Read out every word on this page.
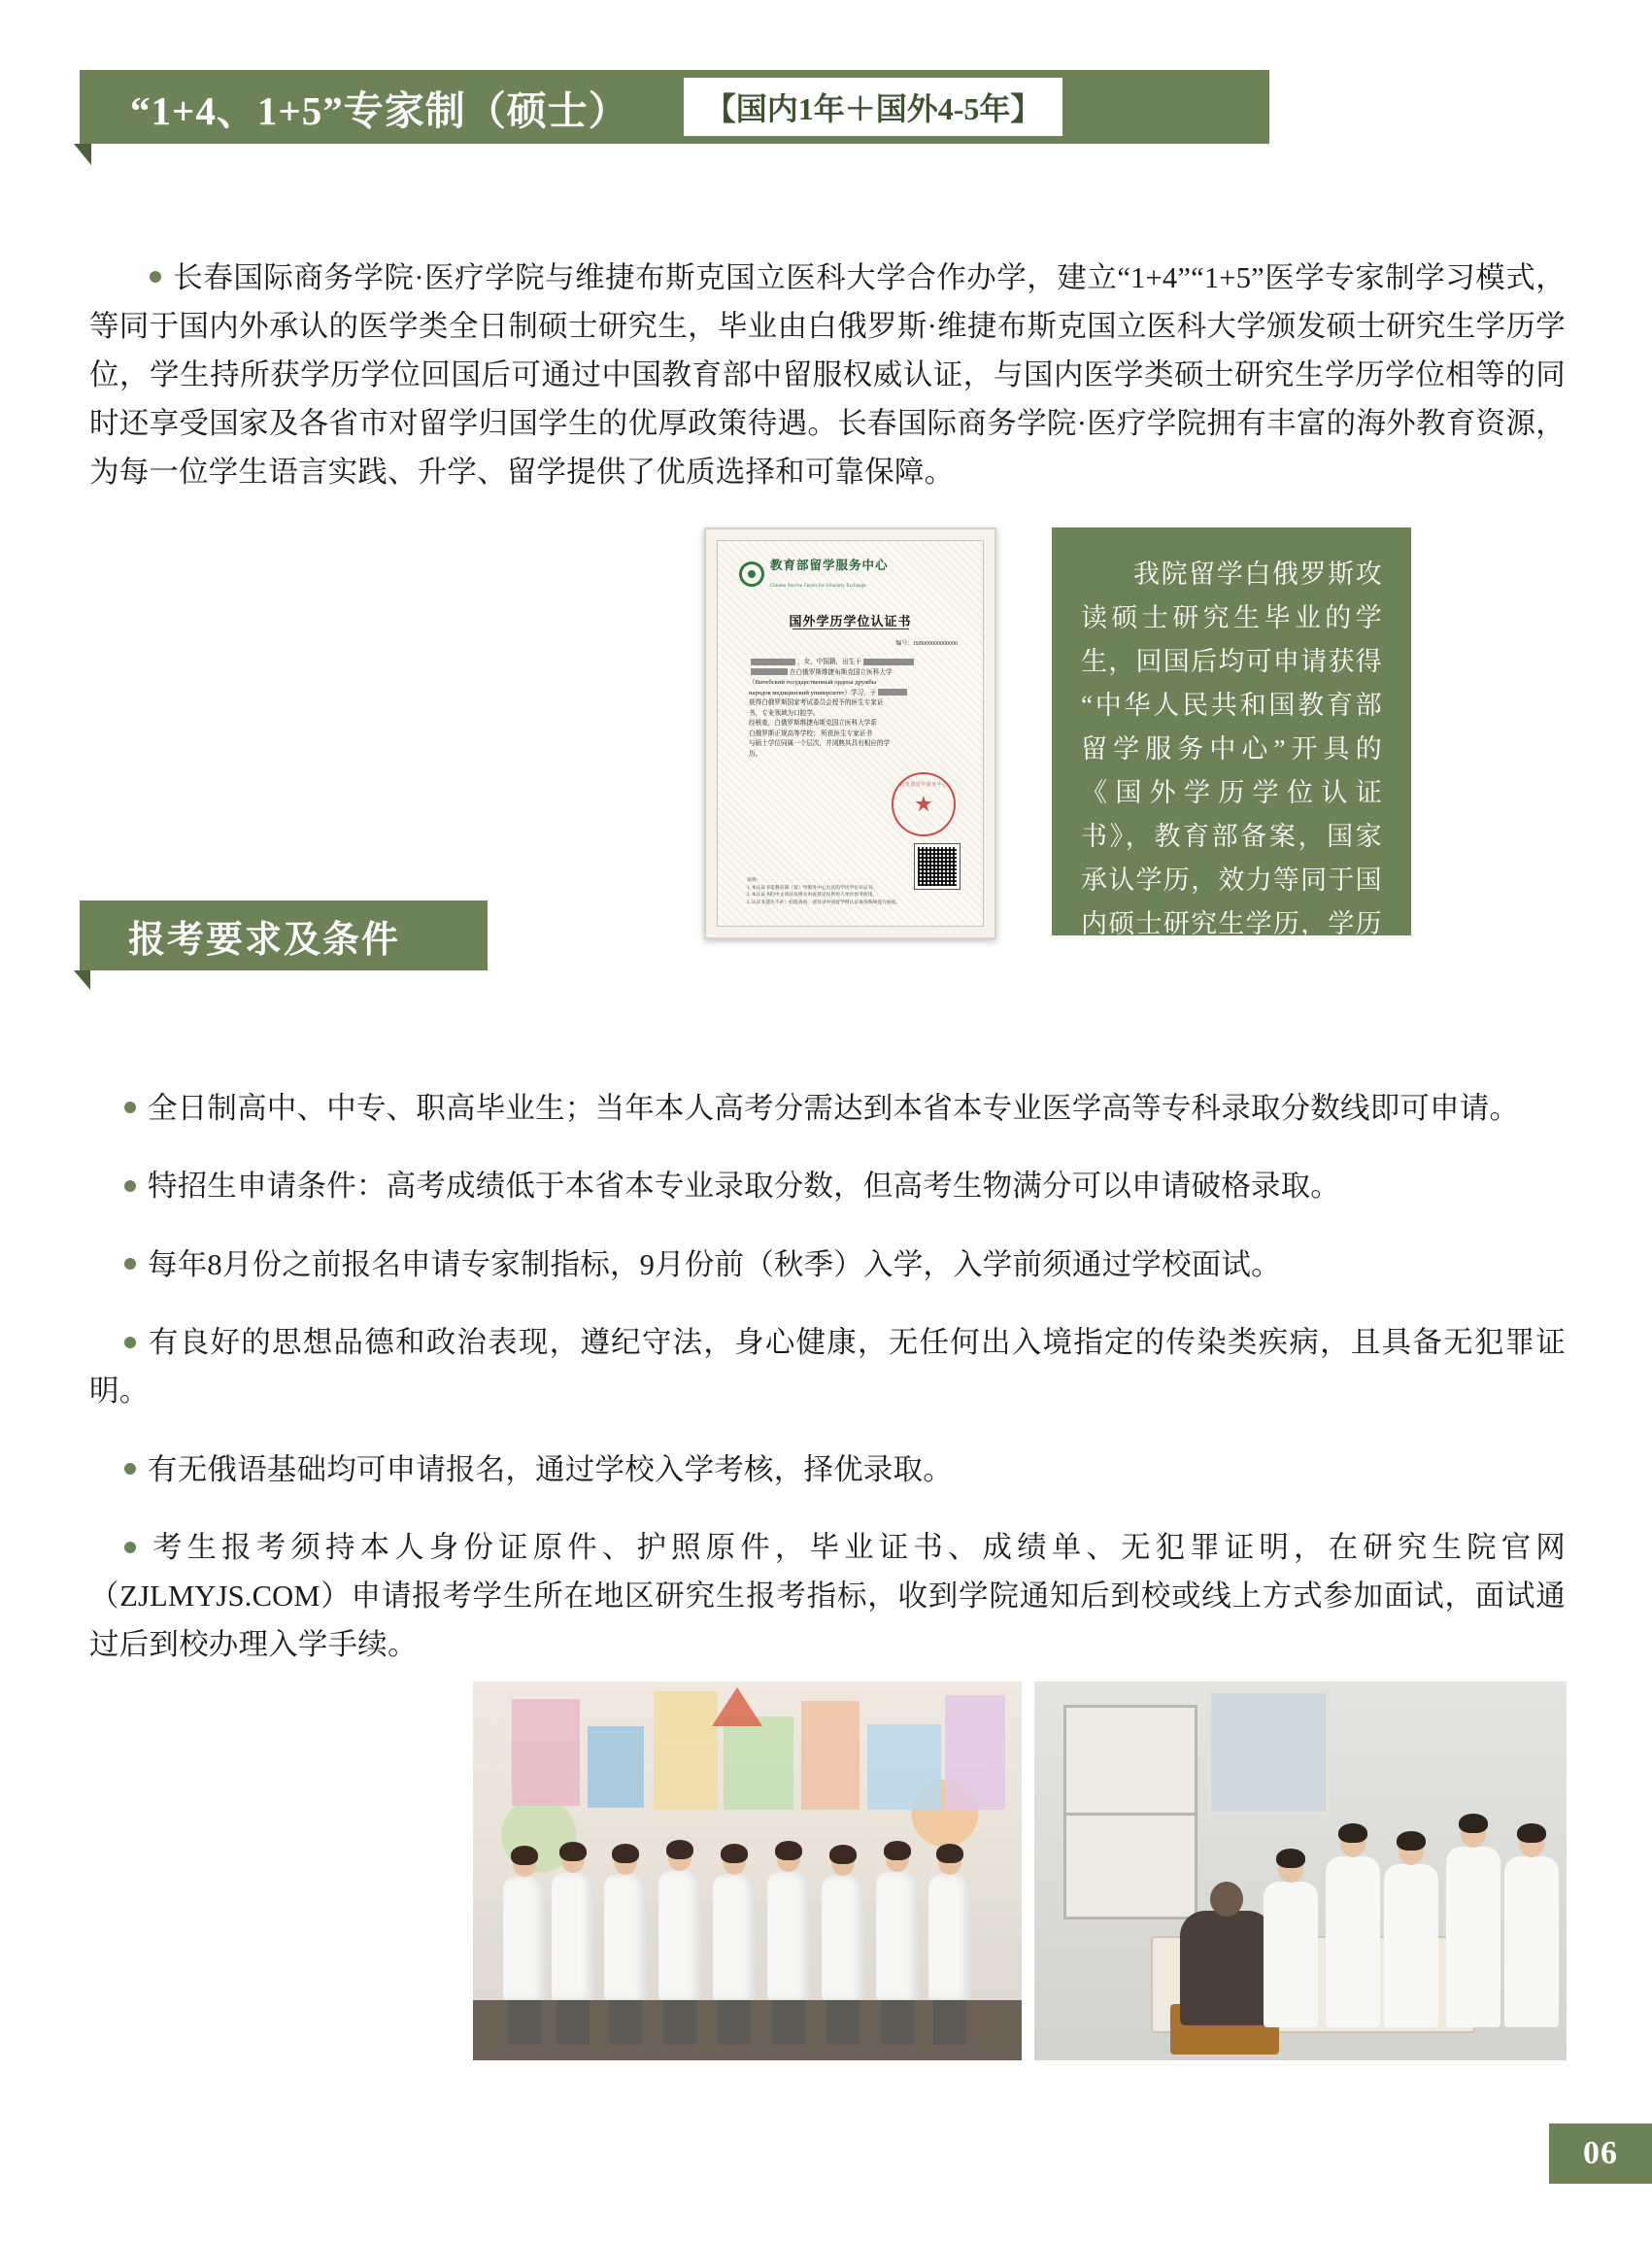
“1+4、1+5”专家制（硕士）	【国内1年＋国外4-5年】

长春国际商务学院·医疗学院与维捷布斯克国立医科大学合作办学，建立“1+4”“1+5”医学专家制学习模式，等同于国内外承认的医学类全日制硕士研究生，毕业由白俄罗斯·维捷布斯克国立医科大学颁发硕士研究生学历学位，学生持所获学历学位回国后可通过中国教育部中留服权威认证，与国内医学类硕士研究生学历学位相等的同时还享受国家及各省市对留学归国学生的优厚政策待遇。长春国际商务学院·医疗学院拥有丰富的海外教育资源，为每一位学生语言实践、升学、留学提供了优质选择和可靠保障。

教育部留学服务中心
Chinese Service Center for Scholarly Exchange
国外学历学位认证书
编号：JSB000000000000
，女，中国籍，出生于
在白俄罗斯维捷布斯克国立医科大学
（Витебский государственный ордена дружбы
народов медицинский университет）学习，于
获得白俄罗斯国家考试委员会授予的医生专家证
书，专业领域为口腔学。
经核查，白俄罗斯维捷布斯克国立医科大学系
白俄罗斯正规高等学校； 所获医生专家证书
与硕士学位同属一个层次，并浏熟其具有相应的学
历。
教育部留学服务中心
★
说明：
1. 本认证书是教育部（留）学服务中心出具的学历学位认证书。
2. 本认证书的中文译法及相关审查意见仅供用人单位参考使用。
3. 认证书遗失不补；如需查询，请登录中国留学网认证查询系统进行核验。
我院留学白俄罗斯攻读硕士研究生毕业的学生，回国后均可申请获得“中华人民共和国教育部留学服务中心”开具的《国外学历学位认证书》，教育部备案，国家承认学历，效力等同于国内硕士研究生学历，学历含金量高!
报考要求及条件

全日制高中、中专、职高毕业生；当年本人高考分需达到本省本专业医学高等专科录取分数线即可申请。

特招生申请条件：高考成绩低于本省本专业录取分数，但高考生物满分可以申请破格录取。

每年8月份之前报名申请专家制指标，9月份前（秋季）入学，入学前须通过学校面试。

有良好的思想品德和政治表现，遵纪守法，身心健康，无任何出入境指定的传染类疾病，且具备无犯罪证明。

有无俄语基础均可申请报名，通过学校入学考核，择优录取。

考生报考须持本人身份证原件、护照原件，毕业证书、成绩单、无犯罪证明，在研究生院官网（ZJLMYJS.COM）申请报考学生所在地区研究生报考指标，收到学院通知后到校或线上方式参加面试，面试通过后到校办理入学手续。

06
